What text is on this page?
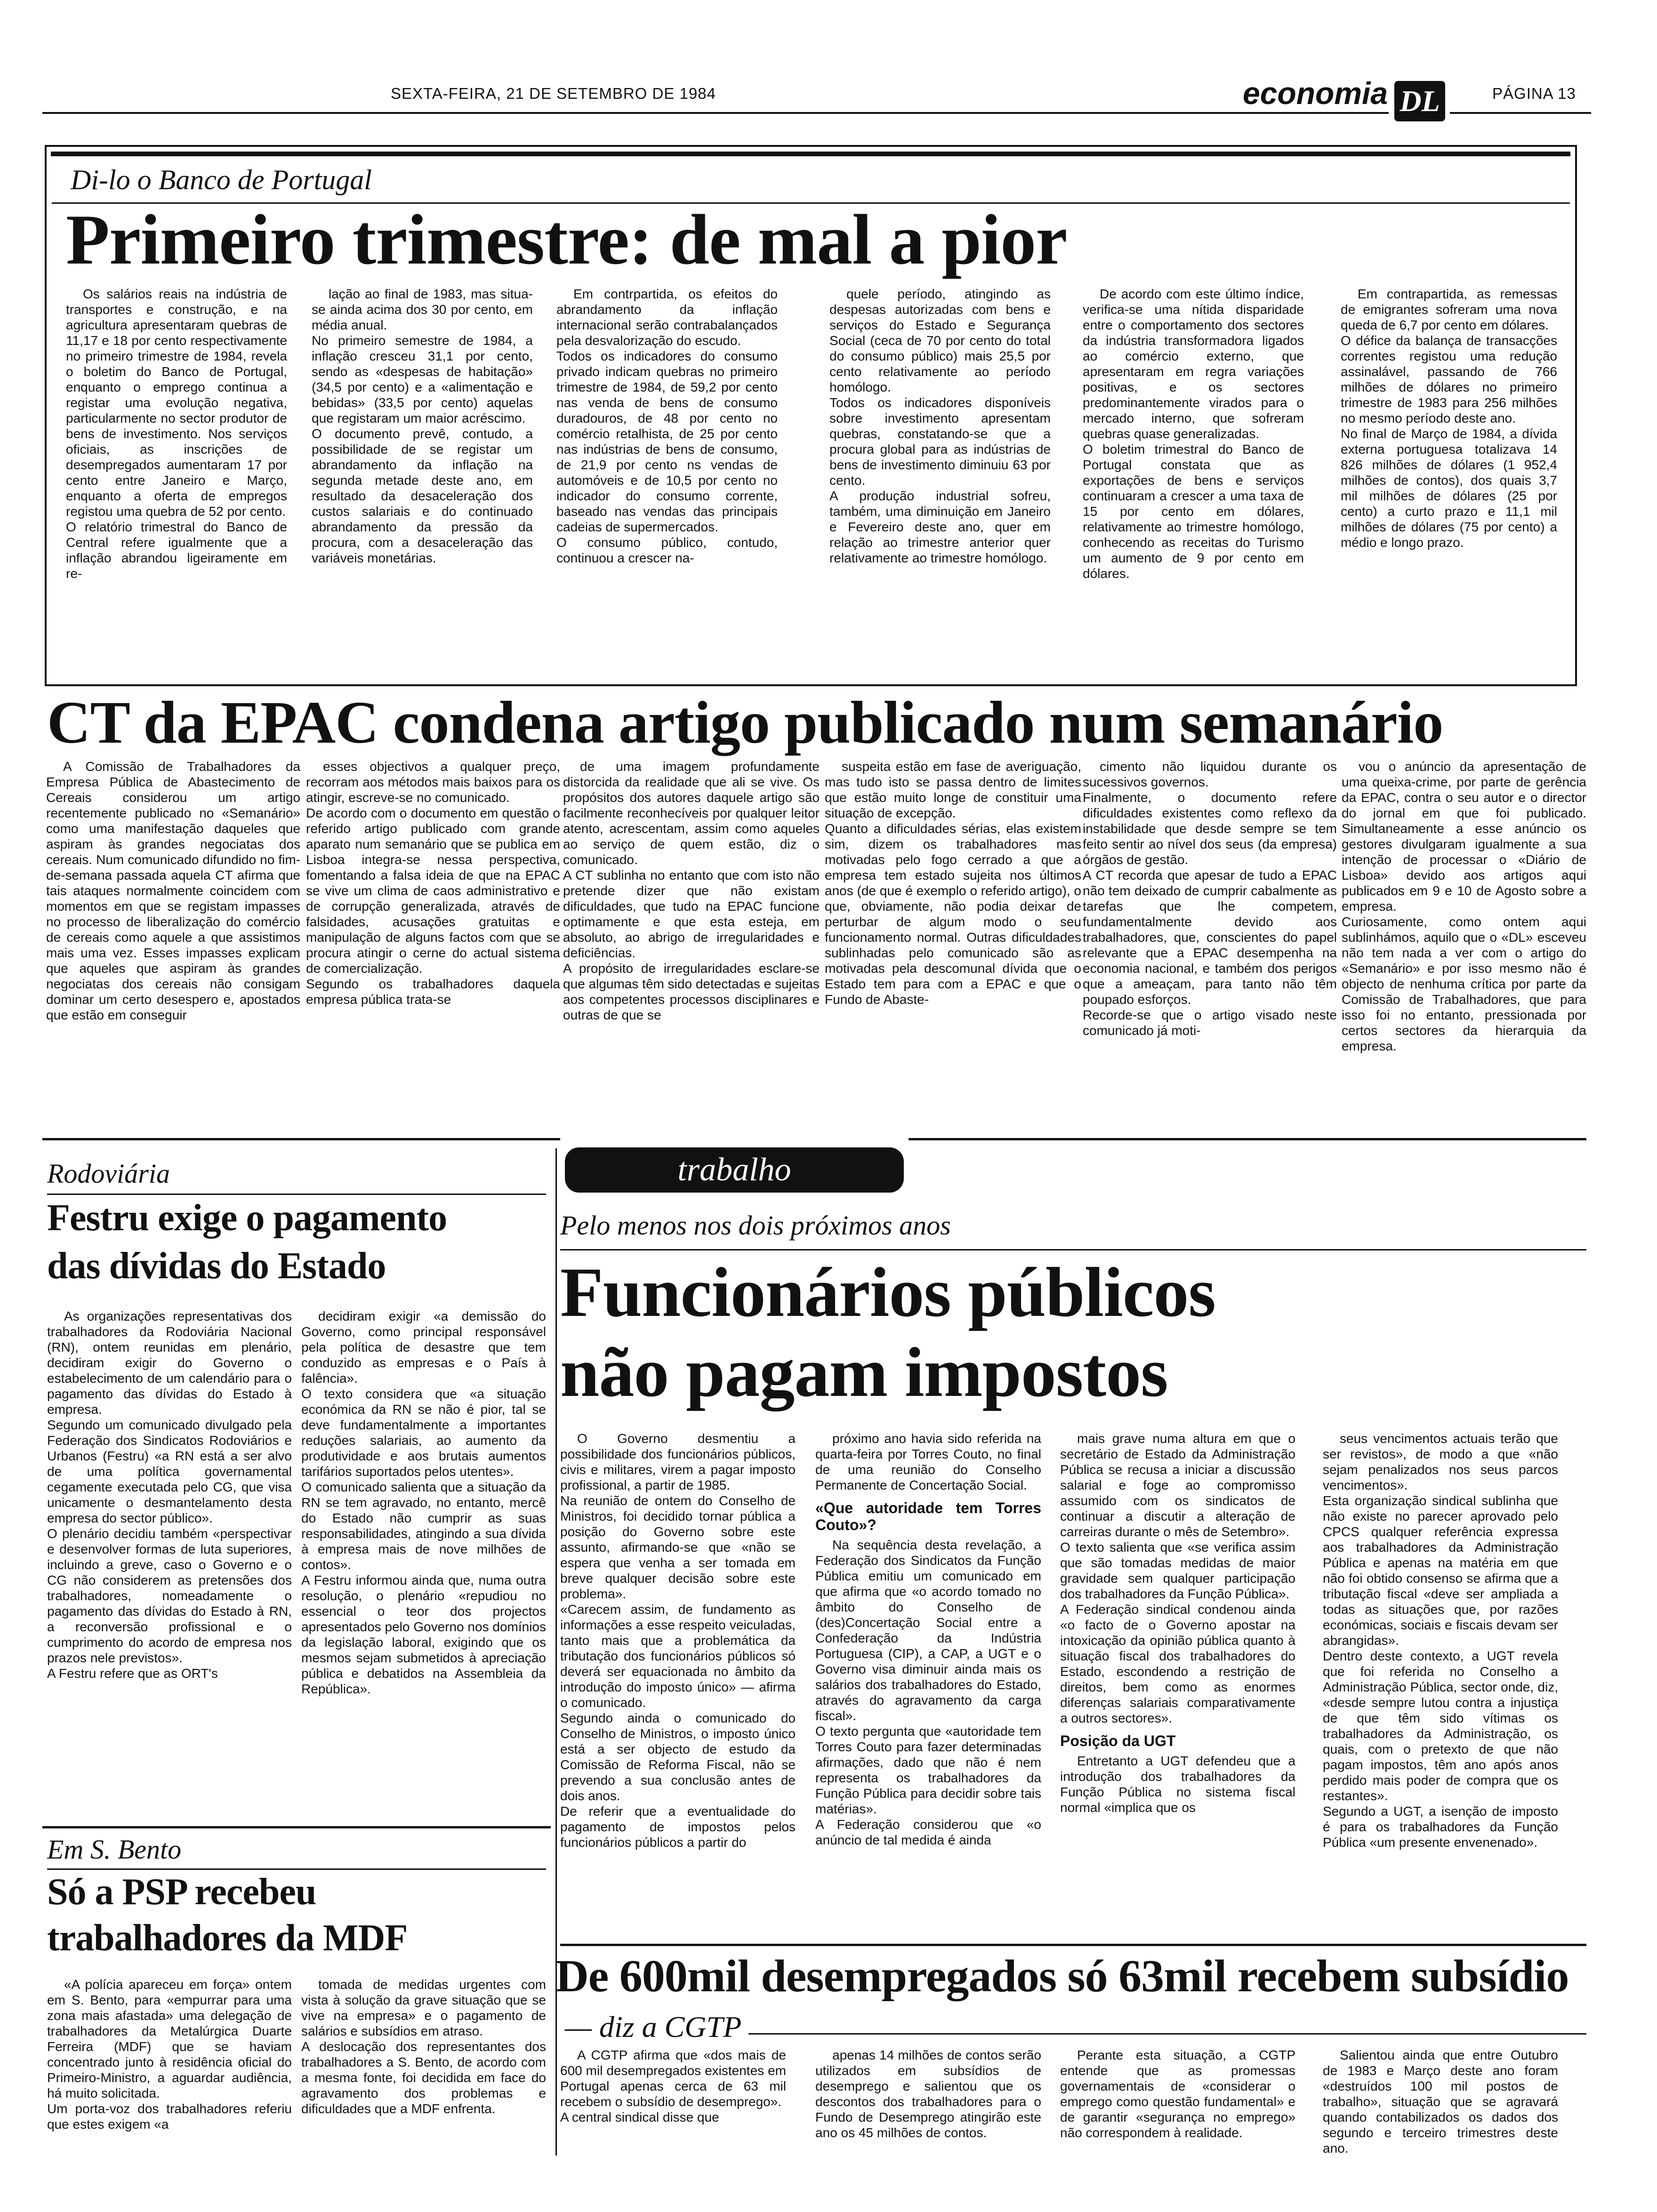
SEXTA-FEIRA, 21 DE SETEMBRO DE 1984	economia DL	PÁGINA 13
Di-lo o Banco de Portugal
Primeiro trimestre: de mal a pior

Os salários reais na indústria de transportes e construção, e na agricultura apresentaram quebras de 11,17 e 18 por cento respectivamente no primeiro trimestre de 1984, revela o boletim do Banco de Portugal, enquanto o emprego continua a registar uma evolução negativa, particularmente no sector produtor de bens de investimento. Nos serviços oficiais, as inscrições de desempregados aumentaram 17 por cento entre Janeiro e Março, enquanto a oferta de empregos registou uma quebra de 52 por cento.
O relatório trimestral do Banco de Central refere igualmente que a inflação abrandou ligeiramente em re-

lação ao final de 1983, mas situa-se ainda acima dos 30 por cento, em média anual.
No primeiro semestre de 1984, a inflação cresceu 31,1 por cento, sendo as «despesas de habitação» (34,5 por cento) e a «alimentação e bebidas» (33,5 por cento) aquelas que registaram um maior acréscimo.
O documento prevê, contudo, a possibilidade de se registar um abrandamento da inflação na segunda metade deste ano, em resultado da desaceleração dos custos salariais e do continuado abrandamento da pressão da procura, com a desaceleração das variáveis monetárias.

Em contrpartida, os efeitos do abrandamento da inflação internacional serão contrabalançados pela desvalorização do escudo.
Todos os indicadores do consumo privado indicam quebras no primeiro trimestre de 1984, de 59,2 por cento nas venda de bens de consumo duradouros, de 48 por cento no comércio retalhista, de 25 por cento nas indústrias de bens de consumo, de 21,9 por cento ns vendas de automóveis e de 10,5 por cento no indicador do consumo corrente, baseado nas vendas das principais cadeias de supermercados.
O consumo público, contudo, continuou a crescer na-

quele período, atingindo as despesas autorizadas com bens e serviços do Estado e Segurança Social (ceca de 70 por cento do total do consumo público) mais 25,5 por cento relativamente ao período homólogo.
Todos os indicadores disponíveis sobre investimento apresentam quebras, constatando-se que a procura global para as indústrias de bens de investimento diminuiu 63 por cento.
A produção industrial sofreu, também, uma diminuição em Janeiro e Fevereiro deste ano, quer em relação ao trimestre anterior quer relativamente ao trimestre homólogo.

De acordo com este último índice, verifica-se uma nítida disparidade entre o comportamento dos sectores da indústria transformadora ligados ao comércio externo, que apresentaram em regra variações positivas, e os sectores predominantemente virados para o mercado interno, que sofreram quebras quase generalizadas.
O boletim trimestral do Banco de Portugal constata que as exportações de bens e serviços continuaram a crescer a uma taxa de 15 por cento em dólares, relativamente ao trimestre homólogo, conhecendo as receitas do Turismo um aumento de 9 por cento em dólares.

Em contrapartida, as remessas de emigrantes sofreram uma nova queda de 6,7 por cento em dólares.
O défice da balança de transacções correntes registou uma redução assinalável, passando de 766 milhões de dólares no primeiro trimestre de 1983 para 256 milhões no mesmo período deste ano.
No final de Março de 1984, a dívida externa portuguesa totalizava 14 826 milhões de dólares (1 952,4 milhões de contos), dos quais 3,7 mil milhões de dólares (25 por cento) a curto prazo e 11,1 mil milhões de dólares (75 por cento) a médio e longo prazo.

CT da EPAC condena artigo publicado num semanário

A Comissão de Trabalhadores da Empresa Pública de Abastecimento de Cereais considerou um artigo recentemente publicado no «Semanário» como uma manifestação daqueles que aspiram às grandes negociatas dos cereais. Num comunicado difundido no fim-de-semana passada aquela CT afirma que tais ataques normalmente coincidem com momentos em que se registam impasses no processo de liberalização do comércio de cereais como aquele a que assistimos mais uma vez. Esses impasses explicam que aqueles que aspiram às grandes negociatas dos cereais não consigam dominar um certo desespero e, apostados que estão em conseguir

esses objectivos a qualquer preço, recorram aos métodos mais baixos para os atingir, escreve-se no comunicado.
De acordo com o documento em questão o referido artigo publicado com grande aparato num semanário que se publica em Lisboa integra-se nessa perspectiva, fomentando a falsa ideia de que na EPAC se vive um clima de caos administrativo e de corrupção generalizada, através de falsidades, acusações gratuitas e manipulação de alguns factos com que se procura atingir o cerne do actual sistema de comercialização.
Segundo os trabalhadores daquela empresa pública trata-se

de uma imagem profundamente distorcida da realidade que ali se vive. Os propósitos dos autores daquele artigo são facilmente reconhecíveis por qualquer leitor atento, acrescentam, assim como aqueles ao serviço de quem estão, diz o comunicado.
A CT sublinha no entanto que com isto não pretende dizer que não existam dificuldades, que tudo na EPAC funcione optimamente e que esta esteja, em absoluto, ao abrigo de irregularidades e deficiências.
A propósito de irregularidades esclare-se que algumas têm sido detectadas e sujeitas aos competentes processos disciplinares e outras de que se

suspeita estão em fase de averiguação, mas tudo isto se passa dentro de limites que estão muito longe de constituir uma situação de excepção.
Quanto a dificuldades sérias, elas existem sim, dizem os trabalhadores mas motivadas pelo fogo cerrado a que a empresa tem estado sujeita nos últimos anos (de que é exemplo o referido artigo), o que, obviamente, não podia deixar de perturbar de algum modo o seu funcionamento normal. Outras dificuldades sublinhadas pelo comunicado são as motivadas pela descomunal dívida que o Estado tem para com a EPAC e que o Fundo de Abaste-

cimento não liquidou durante os sucessivos governos.
Finalmente, o documento refere dificuldades existentes como reflexo da instabilidade que desde sempre se tem feito sentir ao nível dos seus (da empresa) órgãos de gestão.
A CT recorda que apesar de tudo a EPAC não tem deixado de cumprir cabalmente as tarefas que lhe competem, fundamentalmente devido aos trabalhadores, que, conscientes do papel relevante que a EPAC desempenha na economia nacional, e também dos perigos que a ameaçam, para tanto não têm poupado esforços.
Recorde-se que o artigo visado neste comunicado já moti-

vou o anúncio da apresentação de uma queixa-crime, por parte de gerência da EPAC, contra o seu autor e o director do jornal em que foi publicado. Simultaneamente a esse anúncio os gestores divulgaram igualmente a sua intenção de processar o «Diário de Lisboa» devido aos artigos aqui publicados em 9 e 10 de Agosto sobre a empresa.
Curiosamente, como ontem aqui sublinhámos, aquilo que o «DL» esceveu não tem nada a ver com o artigo do «Semanário» e por isso mesmo não é objecto de nenhuma crítica por parte da Comissão de Trabalhadores, que para isso foi no entanto, pressionada por certos sectores da hierarquia da empresa.

trabalho
Rodoviária
Festru exige o pagamento
das dívidas do Estado

As organizações representativas dos trabalhadores da Rodoviária Nacional (RN), ontem reunidas em plenário, decidiram exigir do Governo o estabelecimento de um calendário para o pagamento das dívidas do Estado à empresa.
Segundo um comunicado divulgado pela Federação dos Sindicatos Rodoviários e Urbanos (Festru) «a RN está a ser alvo de uma política governamental cegamente executada pelo CG, que visa unicamente o desmantelamento desta empresa do sector público».
O plenário decidiu também «perspectivar e desenvolver formas de luta superiores, incluindo a greve, caso o Governo e o CG não considerem as pretensões dos trabalhadores, nomeadamente o pagamento das dívidas do Estado à RN, a reconversão profissional e o cumprimento do acordo de empresa nos prazos nele previstos».
A Festru refere que as ORT's

decidiram exigir «a demissão do Governo, como principal responsável pela política de desastre que tem conduzido as empresas e o País à falência».
O texto considera que «a situação económica da RN se não é pior, tal se deve fundamentalmente a importantes reduções salariais, ao aumento da produtividade e aos brutais aumentos tarifários suportados pelos utentes».
O comunicado salienta que a situação da RN se tem agravado, no entanto, mercê do Estado não cumprir as suas responsabilidades, atingindo a sua dívida à empresa mais de nove milhões de contos».
A Festru informou ainda que, numa outra resolução, o plenário «repudiou no essencial o teor dos projectos apresentados pelo Governo nos domínios da legislação laboral, exigindo que os mesmos sejam submetidos à apreciação pública e debatidos na Assembleia da República».

Em S. Bento
Só a PSP recebeu
trabalhadores da MDF

«A polícia apareceu em força» ontem em S. Bento, para «empurrar para uma zona mais afastada» uma delegação de trabalhadores da Metalúrgica Duarte Ferreira (MDF) que se haviam concentrado junto à residência oficial do Primeiro-Ministro, a aguardar audiência, há muito solicitada.
Um porta-voz dos trabalhadores referiu que estes exigem «a

tomada de medidas urgentes com vista à solução da grave situação que se vive na empresa» e o pagamento de salários e subsídios em atraso.
A deslocação dos representantes dos trabalhadores a S. Bento, de acordo com a mesma fonte, foi decidida em face do agravamento dos problemas e dificuldades que a MDF enfrenta.

Pelo menos nos dois próximos anos
Funcionários públicos
não pagam impostos

O Governo desmentiu a possibilidade dos funcionários públicos, civis e militares, virem a pagar imposto profissional, a partir de 1985.
Na reunião de ontem do Conselho de Ministros, foi decidido tornar pública a posição do Governo sobre este assunto, afirmando-se que «não se espera que venha a ser tomada em breve qualquer decisão sobre este problema».
«Carecem assim, de fundamento as informações a esse respeito veiculadas, tanto mais que a problemática da tributação dos funcionários públicos só deverá ser equacionada no âmbito da introdução do imposto único» — afirma o comunicado.
Segundo ainda o comunicado do Conselho de Ministros, o imposto único está a ser objecto de estudo da Comissão de Reforma Fiscal, não se prevendo a sua conclusão antes de dois anos.
De referir que a eventualidade do pagamento de impostos pelos funcionários públicos a partir do

próximo ano havia sido referida na quarta-feira por Torres Couto, no final de uma reunião do Conselho Permanente de Concertação Social.

«Que autoridade tem Torres Couto»?

Na sequência desta revelação, a Federação dos Sindicatos da Função Pública emitiu um comunicado em que afirma que «o acordo tomado no âmbito do Conselho de (des)Concertação Social entre a Confederação da Indústria Portuguesa (CIP), a CAP, a UGT e o Governo visa diminuir ainda mais os salários dos trabalhadores do Estado, através do agravamento da carga fiscal».
O texto pergunta que «autoridade tem Torres Couto para fazer determinadas afirmações, dado que não é nem representa os trabalhadores da Função Pública para decidir sobre tais matérias».
A Federação considerou que «o anúncio de tal medida é ainda

mais grave numa altura em que o secretário de Estado da Administração Pública se recusa a iniciar a discussão salarial e foge ao compromisso assumido com os sindicatos de continuar a discutir a alteração de carreiras durante o mês de Setembro».
O texto salienta que «se verifica assim que são tomadas medidas de maior gravidade sem qualquer participação dos trabalhadores da Função Pública».
A Federação sindical condenou ainda «o facto de o Governo apostar na intoxicação da opinião pública quanto à situação fiscal dos trabalhadores do Estado, escondendo a restrição de direitos, bem como as enormes diferenças salariais comparativamente a outros sectores».

Posição da UGT

Entretanto a UGT defendeu que a introdução dos trabalhadores da Função Pública no sistema fiscal normal «implica que os

seus vencimentos actuais terão que ser revistos», de modo a que «não sejam penalizados nos seus parcos vencimentos».
Esta organização sindical sublinha que não existe no parecer aprovado pelo CPCS qualquer referência expressa aos trabalhadores da Administração Pública e apenas na matéria em que não foi obtido consenso se afirma que a tributação fiscal «deve ser ampliada a todas as situações que, por razões económicas, sociais e fiscais devam ser abrangidas».
Dentro deste contexto, a UGT revela que foi referida no Conselho a Administração Pública, sector onde, diz, «desde sempre lutou contra a injustiça de que têm sido vítimas os trabalhadores da Administração, os quais, com o pretexto de que não pagam impostos, têm ano após anos perdido mais poder de compra que os restantes».
Segundo a UGT, a isenção de imposto é para os trabalhadores da Função Pública «um presente envenenado».

De 600mil desempregados só 63mil recebem subsídio
— diz a CGTP

A CGTP afirma que «dos mais de 600 mil desempregados existentes em Portugal apenas cerca de 63 mil recebem o subsídio de desemprego».
A central sindical disse que

apenas 14 milhões de contos serão utilizados em subsídios de desemprego e salientou que os descontos dos trabalhadores para o Fundo de Desemprego atingirão este ano os 45 milhões de contos.

Perante esta situação, a CGTP entende que as promessas governamentais de «considerar o emprego como questão fundamental» e de garantir «segurança no emprego» não correspondem à realidade.

Salientou ainda que entre Outubro de 1983 e Março deste ano foram «destruídos 100 mil postos de trabalho», situação que se agravará quando contabilizados os dados dos segundo e terceiro trimestres deste ano.
